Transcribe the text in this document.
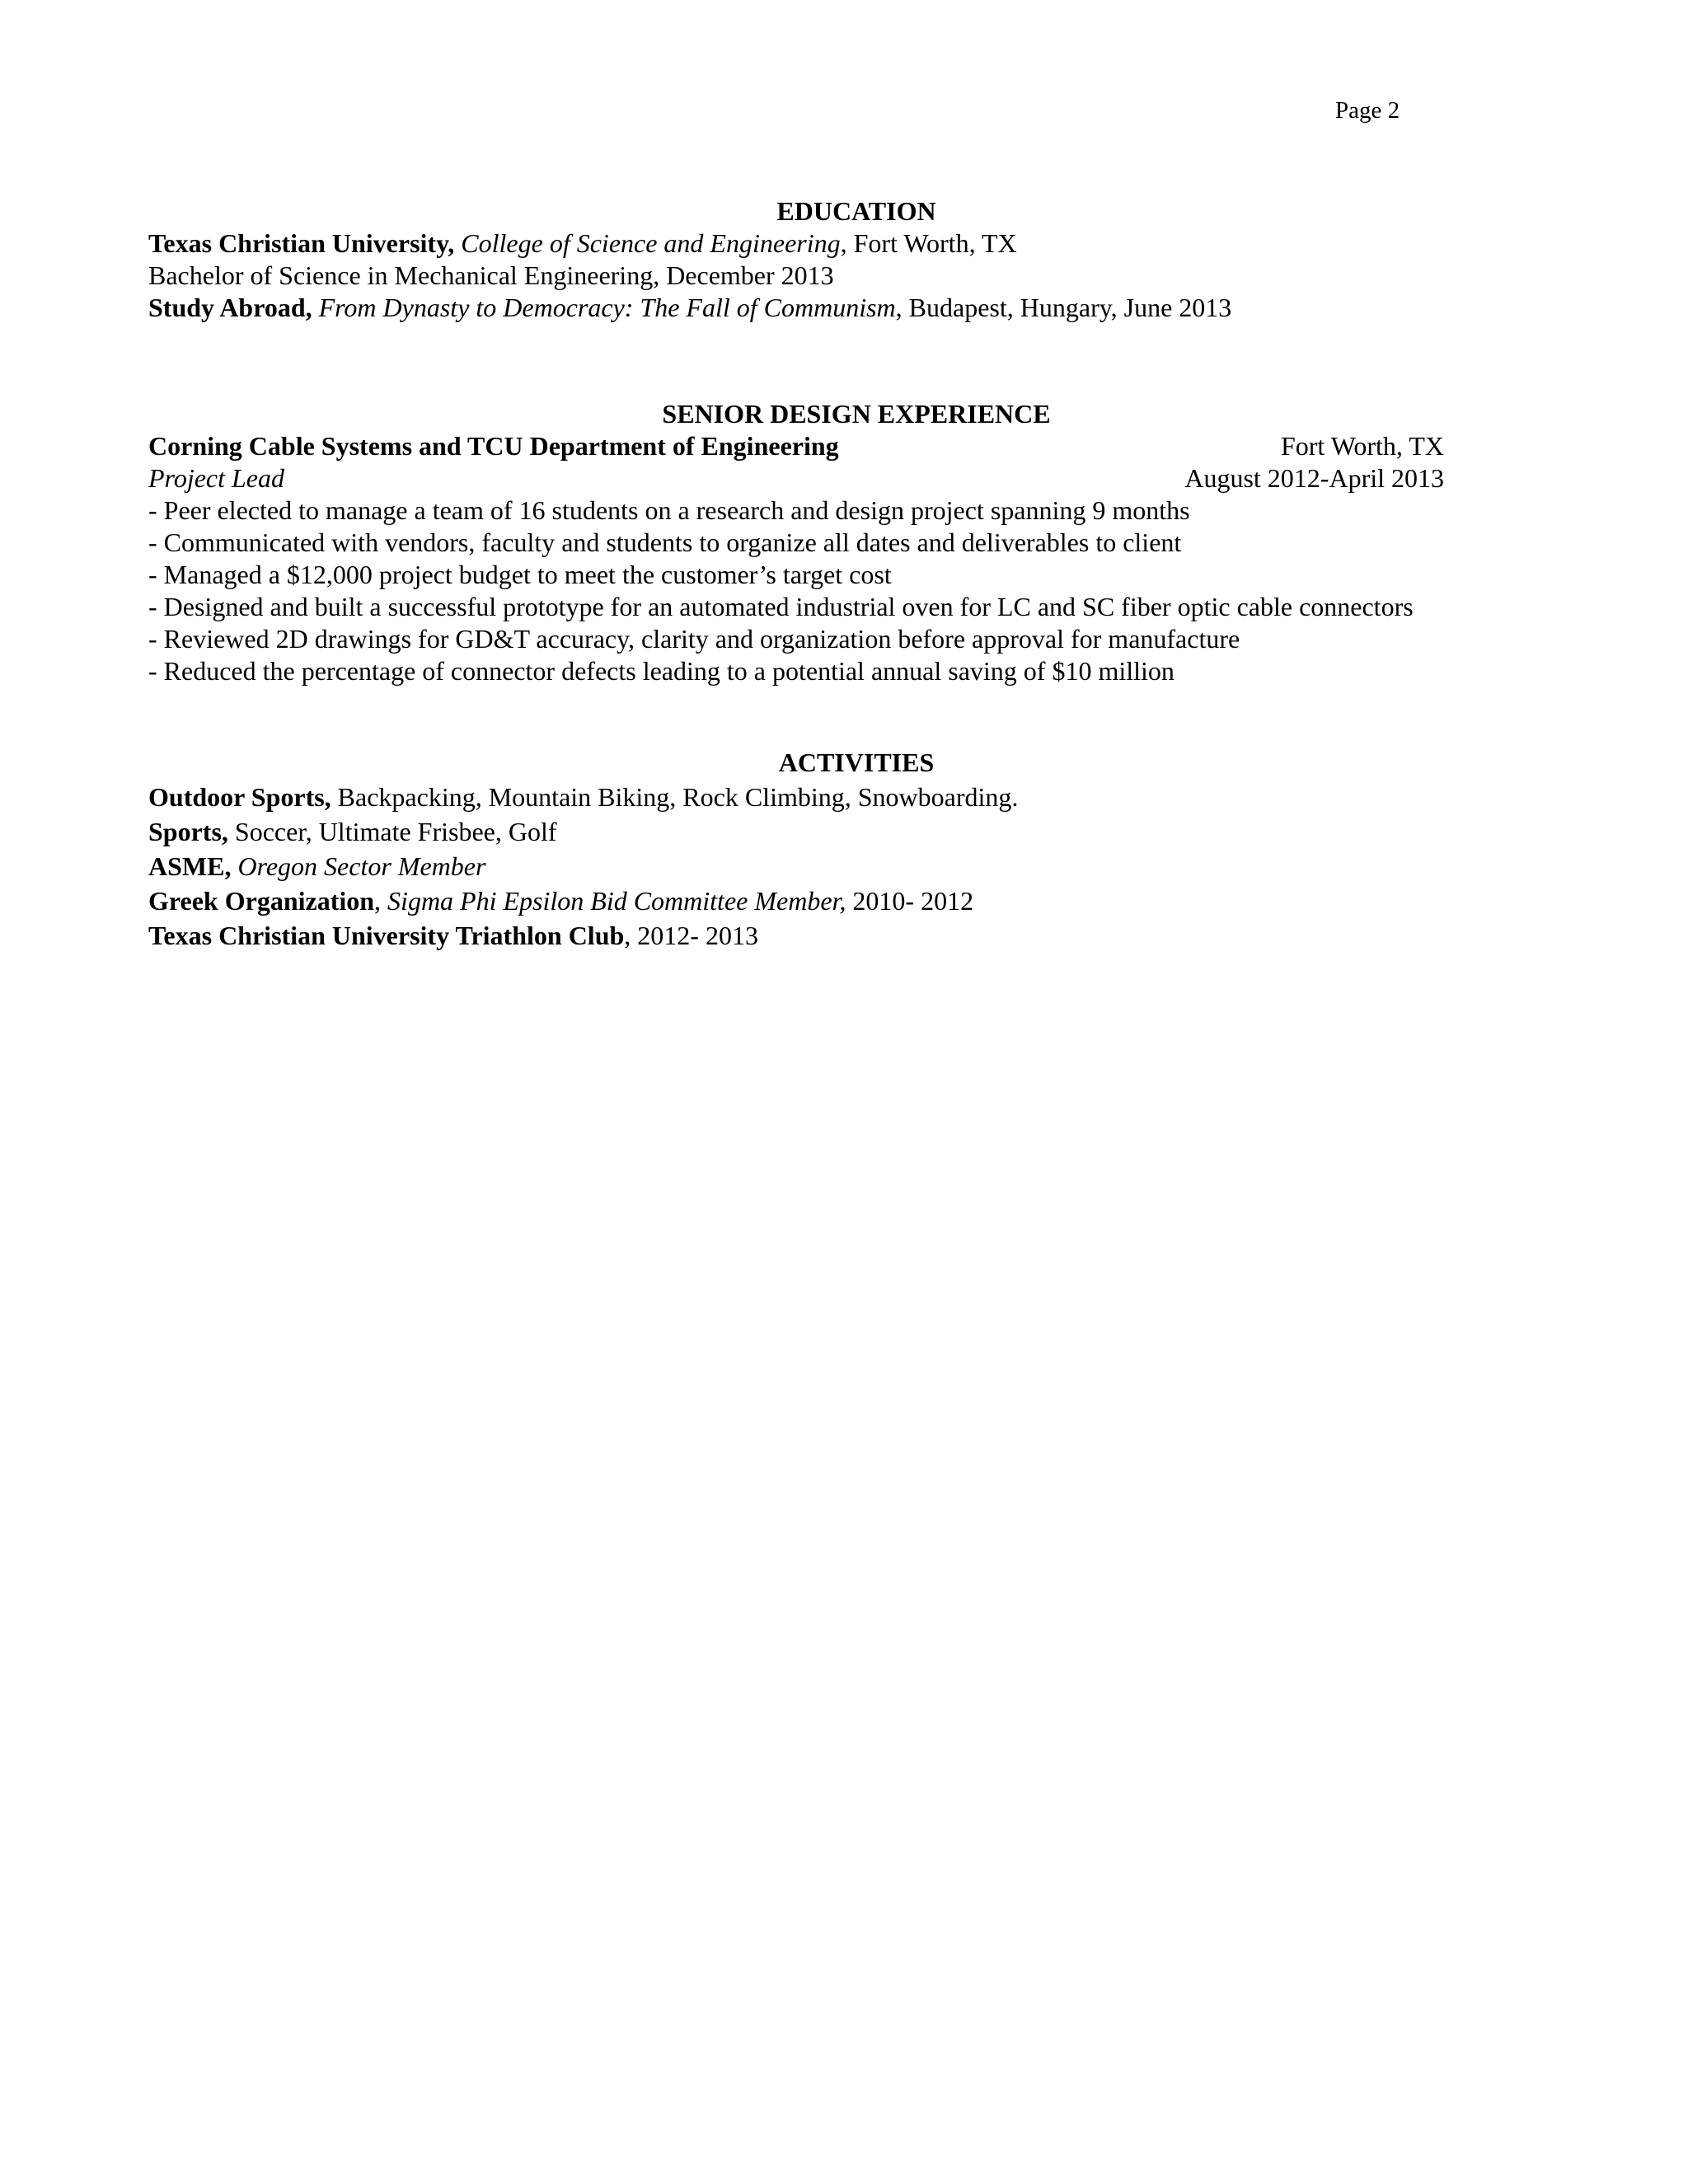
Page 2
EDUCATION
Texas Christian University, College of Science and Engineering, Fort Worth, TX
Bachelor of Science in Mechanical Engineering, December 2013
Study Abroad, From Dynasty to Democracy: The Fall of Communism, Budapest, Hungary, June 2013
SENIOR DESIGN EXPERIENCE
Corning Cable Systems and TCU Department of Engineering	Fort Worth, TX
Project Lead	August 2012-April 2013
- Peer elected to manage a team of 16 students on a research and design project spanning 9 months
- Communicated with vendors, faculty and students to organize all dates and deliverables to client
- Managed a $12,000 project budget to meet the customer’s target cost
- Designed and built a successful prototype for an automated industrial oven for LC and SC fiber optic cable connectors
- Reviewed 2D drawings for GD&T accuracy, clarity and organization before approval for manufacture
- Reduced the percentage of connector defects leading to a potential annual saving of $10 million
ACTIVITIES
Outdoor Sports, Backpacking, Mountain Biking, Rock Climbing, Snowboarding.
Sports, Soccer, Ultimate Frisbee, Golf
ASME, Oregon Sector Member
Greek Organization, Sigma Phi Epsilon Bid Committee Member, 2010- 2012
Texas Christian University Triathlon Club, 2012- 2013
